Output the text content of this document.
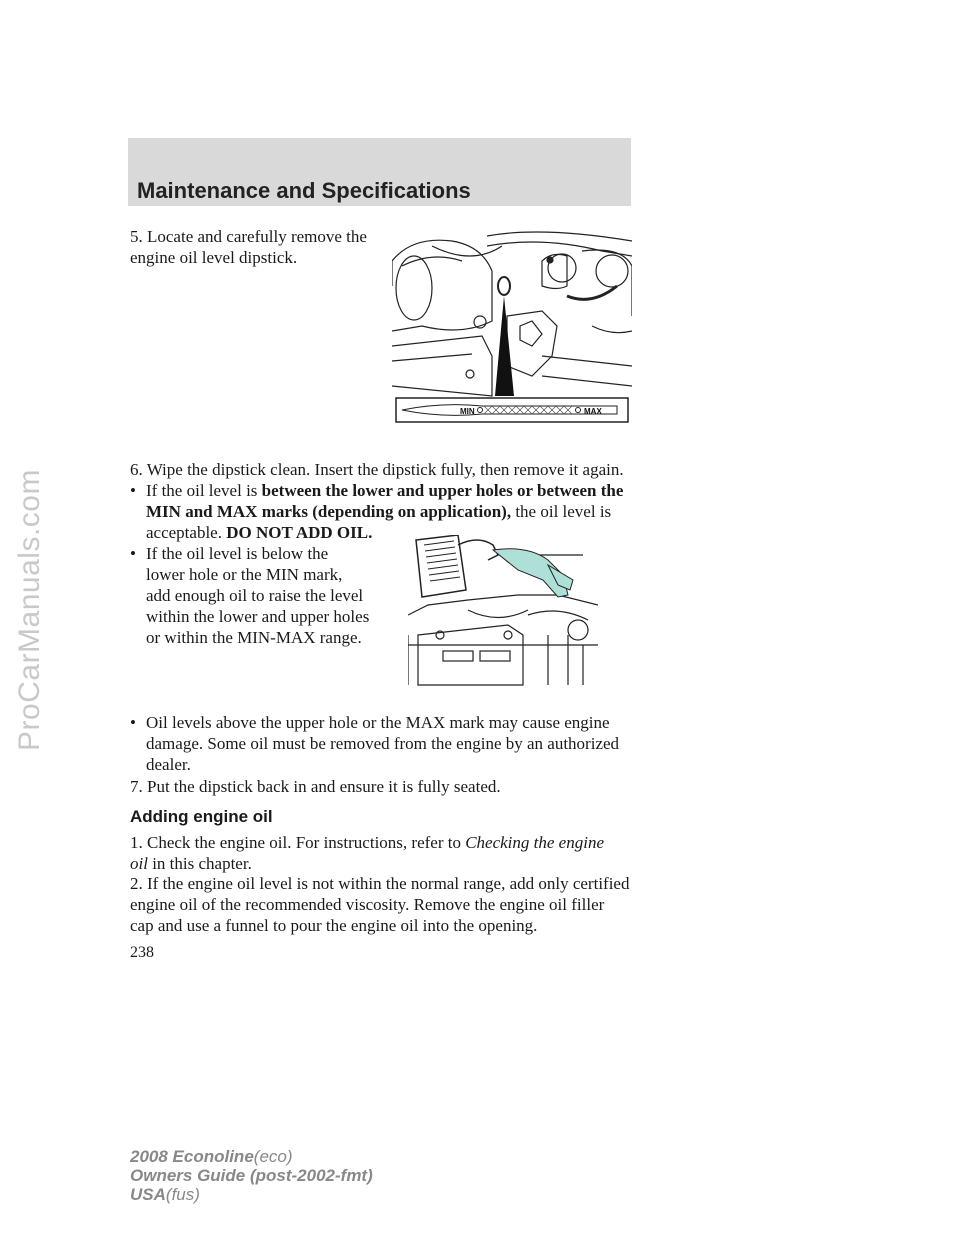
ProCarManuals.com
Maintenance and Specifications
5. Locate and carefully remove the engine oil level dipstick.
MIN	MAX
6. Wipe the dipstick clean. Insert the dipstick fully, then remove it again.
• If the oil level is between the lower and upper holes or between the MIN and MAX marks (depending on application), the oil level is acceptable. DO NOT ADD OIL.
• If the oil level is below the lower hole or the MIN mark, add enough oil to raise the level within the lower and upper holes or within the MIN-MAX range.
• Oil levels above the upper hole or the MAX mark may cause engine damage. Some oil must be removed from the engine by an authorized dealer.
7. Put the dipstick back in and ensure it is fully seated.
Adding engine oil
1. Check the engine oil. For instructions, refer to Checking the engine oil in this chapter.
2. If the engine oil level is not within the normal range, add only certified engine oil of the recommended viscosity. Remove the engine oil filler cap and use a funnel to pour the engine oil into the opening.
238
2008 Econoline(eco)
Owners Guide (post-2002-fmt)
USA(fus)
